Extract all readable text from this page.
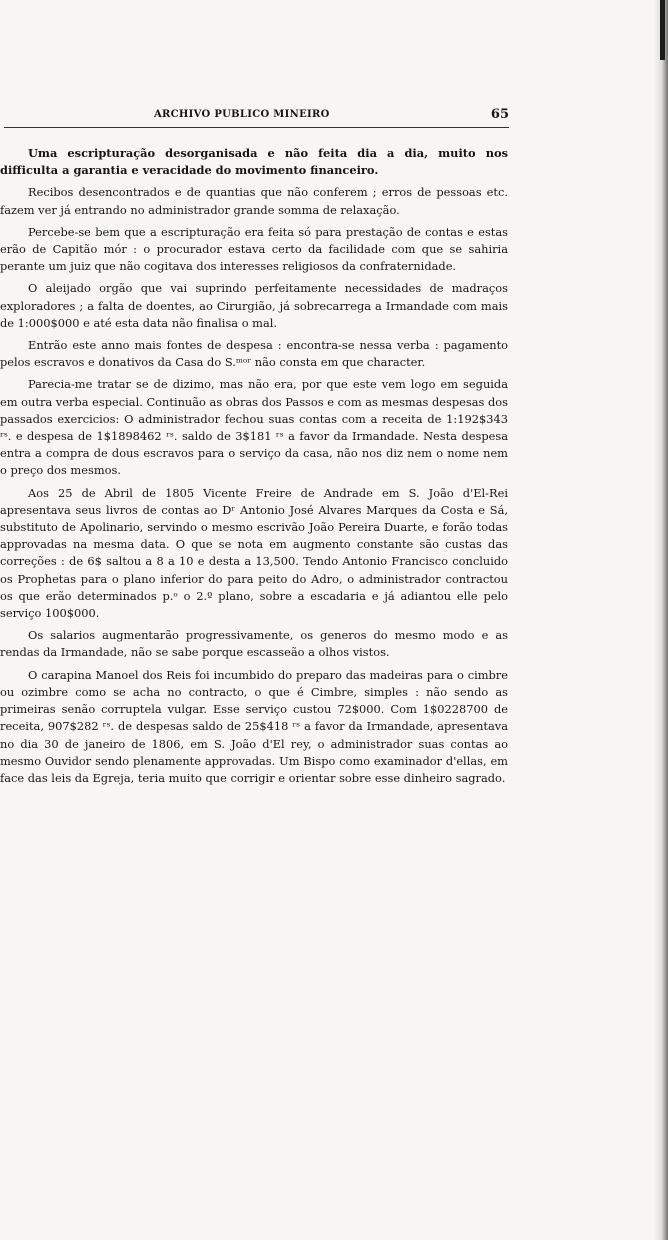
ARCHIVO PUBLICO MINEIRO	65

Uma escripturação desorganisada e não feita dia a dia, muito nos difficulta a garantia e veracidade do movimento financeiro.

Recibos desencontrados e de quantias que não conferem ; erros de pessoas etc. fazem ver já entrando no administrador grande somma de relaxação.

Percebe-se bem que a escripturação era feita só para prestação de contas e estas erão de Capitão mór : o procurador estava certo da facilidade com que se sahiria perante um juiz que não cogitava dos interesses religiosos da confraternidade.

O aleijado orgão que vai suprindo perfeitamente necessidades de madraços exploradores ; a falta de doentes, ao Cirurgião, já sobrecarrega a Irmandade com mais de 1:000$000 e até esta data não finalisa o mal.

Entrão este anno mais fontes de despesa : encontra-se nessa verba : pagamento pelos escravos e donativos da Casa do S.ᵐᵒʳ não consta em que character.

Parecia-me tratar se de dizimo, mas não era, por que este vem logo em seguida em outra verba especial. Continuão as obras dos Passos e com as mesmas despesas dos passados exercicios: O administrador fechou suas contas com a receita de 1:192$343 ʳˢ. e despesa de 1$1898462 ʳˢ. saldo de 3$181 ʳˢ a favor da Irmandade. Nesta despesa entra a compra de dous escravos para o serviço da casa, não nos diz nem o nome nem o preço dos mesmos.

Aos 25 de Abril de 1805 Vicente Freire de Andrade em S. João d'El-Rei apresentava seus livros de contas ao Dʳ Antonio José Alvares Marques da Costa e Sá, substituto de Apolinario, servindo o mesmo escrivão João Pereira Duarte, e forão todas approvadas na mesma data. O que se nota em augmento constante são custas das correções : de 6$ saltou a 8 a 10 e desta a 13,500. Tendo Antonio Francisco concluido os Prophetas para o plano inferior do para peito do Adro, o administrador contractou os que erão determinados p.ᵒ o 2.º plano, sobre a escadaria e já adiantou elle pelo serviço 100$000.

Os salarios augmentarão progressivamente, os generos do mesmo modo e as rendas da Irmandade, não se sabe porque escasseão a olhos vistos.

O carapina Manoel dos Reis foi incumbido do preparo das madeiras para o cimbre ou ozimbre como se acha no contracto, o que é Cimbre, simples : não sendo as primeiras senão corruptela vulgar. Esse serviço custou 72$000. Com 1$0228700 de receita, 907$282 ʳˢ. de despesas saldo de 25$418 ʳˢ a favor da Irmandade, apresentava no dia 30 de janeiro de 1806, em S. João d'El rey, o administrador suas contas ao mesmo Ouvidor sendo plenamente approvadas. Um Bispo como examinador d'ellas, em face das leis da Egreja, teria muito que corrigir e orientar sobre esse dinheiro sagrado.
